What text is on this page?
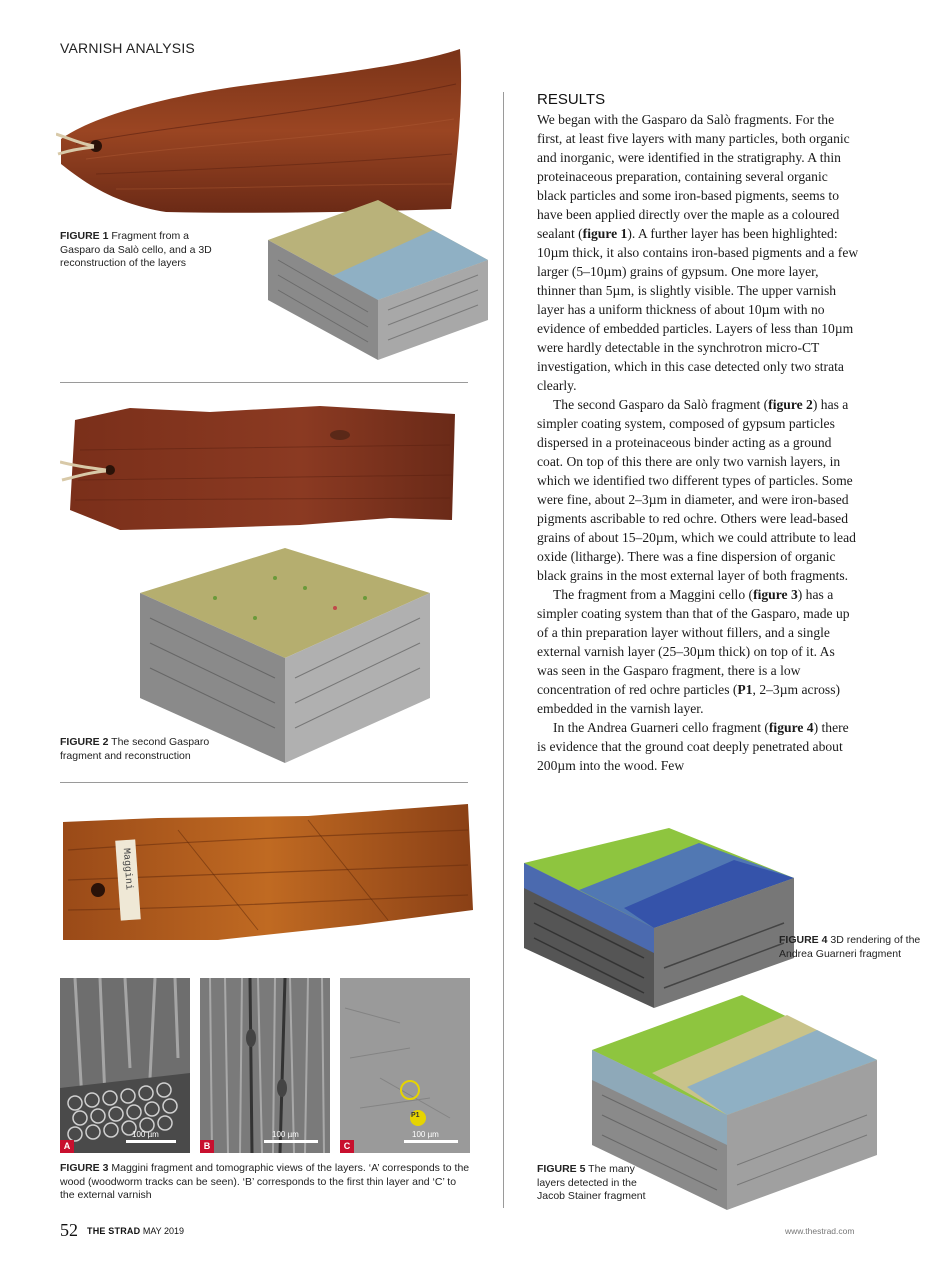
VARNISH ANALYSIS
FIGURE 1 Fragment from a Gasparo da Salò cello, and a 3D reconstruction of the layers
FIGURE 2 The second Gasparo fragment and reconstruction
Maggini
A
100 µm
B
100 µm
P1
C
100 µm
FIGURE 3 Maggini fragment and tomographic views of the layers. ‘A’ corresponds to the wood (woodworm tracks can be seen). ‘B’ corresponds to the first thin layer and ‘C’ to the external varnish
RESULTS

We began with the Gasparo da Salò fragments. For the first, at least five layers with many particles, both organic and inorganic, were identified in the stratigraphy. A thin proteinaceous preparation, containing several organic black particles and some iron-based pigments, seems to have been applied directly over the maple as a coloured sealant (figure 1). A further layer has been highlighted: 10µm thick, it also contains iron-based pigments and a few larger (5–10µm) grains of gypsum. One more layer, thinner than 5µm, is slightly visible. The upper varnish layer has a uniform thickness of about 10µm with no evidence of embedded particles. Layers of less than 10µm were hardly detectable in the synchrotron micro-CT investigation, which in this case detected only two strata clearly.

The second Gasparo da Salò fragment (figure 2) has a simpler coating system, composed of gypsum particles dispersed in a proteinaceous binder acting as a ground coat. On top of this there are only two varnish layers, in which we identified two different types of particles. Some were fine, about 2–3µm in diameter, and were iron-based pigments ascribable to red ochre. Others were lead-based grains of about 15–20µm, which we could attribute to lead oxide (litharge). There was a fine dispersion of organic black grains in the most external layer of both fragments.

The fragment from a Maggini cello (figure 3) has a simpler coating system than that of the Gasparo, made up of a thin preparation layer without fillers, and a single external varnish layer (25–30µm thick) on top of it. As was seen in the Gasparo fragment, there is a low concentration of red ochre particles (P1, 2–3µm across) embedded in the varnish layer.

In the Andrea Guarneri cello fragment (figure 4) there is evidence that the ground coat deeply penetrated about 200µm into the wood. Few

FIGURE 4 3D rendering of the Andrea Guarneri fragment
FIGURE 5 The many layers detected in the Jacob Stainer fragment
52 THE STRAD MAY 2019	www.thestrad.com
